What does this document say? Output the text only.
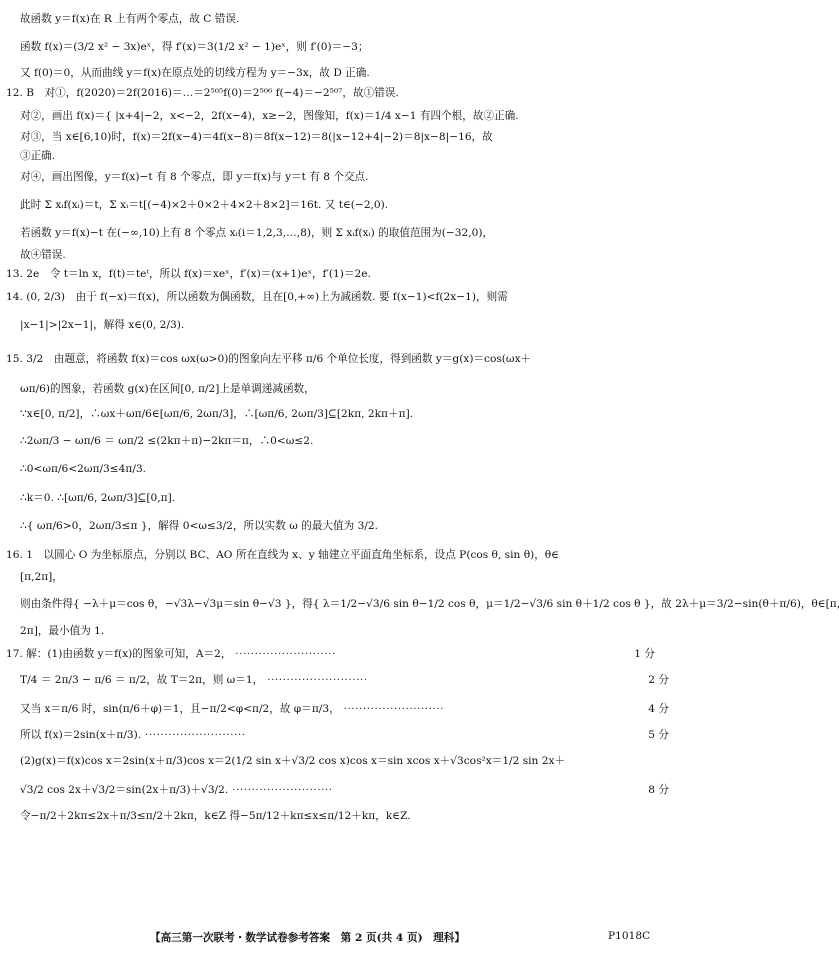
故函数 y＝f(x)在 R 上有两个零点，故 C 错误.
函数 f(x)＝(3/2 x² − 3x)eˣ，得 f′(x)＝3(1/2 x² − 1)eˣ，则 f′(0)＝−3；
又 f(0)＝0，从而曲线 y＝f(x)在原点处的切线方程为 y＝−3x，故 D 正确.
12. B　对①，f(2020)＝2f(2016)＝…＝2⁵⁰⁵f(0)＝2⁵⁰⁶ f(−4)＝−2⁵⁰⁷，故①错误.
对②，画出 f(x)＝{ |x+4|−2，x<−2，2f(x−4)，x≥−2，图像知，f(x)＝1/4 x−1 有四个根，故②正确.
对③，当 x∈[6,10)时，f(x)＝2f(x−4)＝4f(x−8)＝8f(x−12)＝8(|x−12+4|−2)＝8|x−8|−16，故
③正确.
对④，画出图像，y＝f(x)−t 有 8 个零点，即 y＝f(x)与 y＝t 有 8 个交点.
此时 Σ xᵢf(xᵢ)＝t，Σ xᵢ＝t[(−4)×2＋0×2＋4×2＋8×2]＝16t. 又 t∈(−2,0).
若函数 y＝f(x)−t 在(−∞,10)上有 8 个零点 xᵢ(i＝1,2,3,…,8)，则 Σ xᵢf(xᵢ) 的取值范围为(−32,0)，
故④错误.
13. 2e　令 t＝ln x，f(t)＝teᵗ，所以 f(x)＝xeˣ，f′(x)＝(x+1)eˣ，f′(1)＝2e.
14. (0, 2/3)　由于 f(−x)＝f(x)，所以函数为偶函数，且在[0,+∞)上为减函数. 要 f(x−1)<f(2x−1)，则需
|x−1|>|2x−1|，解得 x∈(0, 2/3).
15. 3/2　由题意，将函数 f(x)＝cos ωx(ω>0)的图象向左平移 π/6 个单位长度，得到函数 y＝g(x)＝cos(ωx＋
ωπ/6)的图象，若函数 g(x)在区间[0, π/2]上是单调递减函数，
∵x∈[0, π/2]，∴ωx＋ωπ/6∈[ωπ/6, 2ωπ/3]，∴[ωπ/6, 2ωπ/3]⊆[2kπ, 2kπ＋π].
∴2ωπ/3 − ωπ/6 ＝ ωπ/2 ≤(2kπ＋π)−2kπ＝π，∴0<ω≤2.
∴0<ωπ/6<2ωπ/3≤4π/3.
∴k＝0. ∴[ωπ/6, 2ωπ/3]⊆[0,π].
∴{ ωπ/6>0，2ωπ/3≤π }，解得 0<ω≤3/2，所以实数 ω 的最大值为 3/2.
16. 1　以圆心 O 为坐标原点，分别以 BC、AO 所在直线为 x、y 轴建立平面直角坐标系，设点 P(cos θ, sin θ)，θ∈
[π,2π]，
则由条件得{ −λ＋μ＝cos θ，−√3λ−√3μ＝sin θ−√3 }，得{ λ＝1/2−√3/6 sin θ−1/2 cos θ，μ＝1/2−√3/6 sin θ＋1/2 cos θ }，故 2λ＋μ＝3/2−sin(θ＋π/6)，θ∈[π,
2π]，最小值为 1.
17. 解：(1)由函数 y＝f(x)的图象可知，A＝2， ··························	1 分
T/4 ＝ 2π/3 − π/6 ＝ π/2，故 T＝2π，则 ω＝1， ··························	2 分
又当 x＝π/6 时，sin(π/6＋φ)＝1，且−π/2<φ<π/2，故 φ＝π/3， ··························	4 分
所以 f(x)＝2sin(x＋π/3). ··························	5 分
(2)g(x)＝f(x)cos x＝2sin(x＋π/3)cos x＝2(1/2 sin x＋√3/2 cos x)cos x＝sin xcos x＋√3cos²x＝1/2 sin 2x＋
√3/2 cos 2x＋√3/2＝sin(2x＋π/3)＋√3/2. ··························	8 分
令−π/2＋2kπ≤2x＋π/3≤π/2＋2kπ，k∈Z 得−5π/12＋kπ≤x≤π/12＋kπ，k∈Z.
【高三第一次联考・数学试卷参考答案　第 2 页(共 4 页)　理科】	P1018C
